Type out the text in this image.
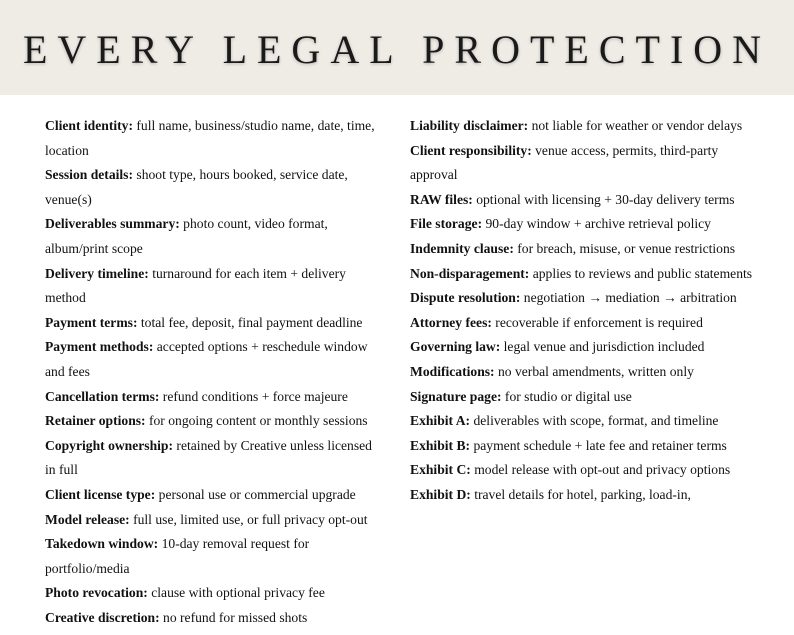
EVERY LEGAL PROTECTION

Client identity: full name, business/studio name, date, time, location

Session details: shoot type, hours booked, service date, venue(s)

Deliverables summary: photo count, video format, album/print scope

Delivery timeline: turnaround for each item + delivery method

Payment terms: total fee, deposit, final payment deadline

Payment methods: accepted options + reschedule window and fees

Cancellation terms: refund conditions + force majeure

Retainer options: for ongoing content or monthly sessions

Copyright ownership: retained by Creative unless licensed in full

Client license type: personal use or commercial upgrade

Model release: full use, limited use, or full privacy opt-out

Takedown window: 10-day removal request for portfolio/media

Photo revocation: clause with optional privacy fee

Creative discretion: no refund for missed shots

Liability disclaimer: not liable for weather or vendor delays

Client responsibility: venue access, permits, third-party approval

RAW files: optional with licensing + 30-day delivery terms

File storage: 90-day window + archive retrieval policy

Indemnity clause: for breach, misuse, or venue restrictions

Non-disparagement: applies to reviews and public statements

Dispute resolution: negotiation → mediation → arbitration

Attorney fees: recoverable if enforcement is required

Governing law: legal venue and jurisdiction included

Modifications: no verbal amendments, written only

Signature page: for studio or digital use

Exhibit A: deliverables with scope, format, and timeline

Exhibit B: payment schedule + late fee and retainer terms

Exhibit C: model release with opt-out and privacy options

Exhibit D: travel details for hotel, parking, load-in,
